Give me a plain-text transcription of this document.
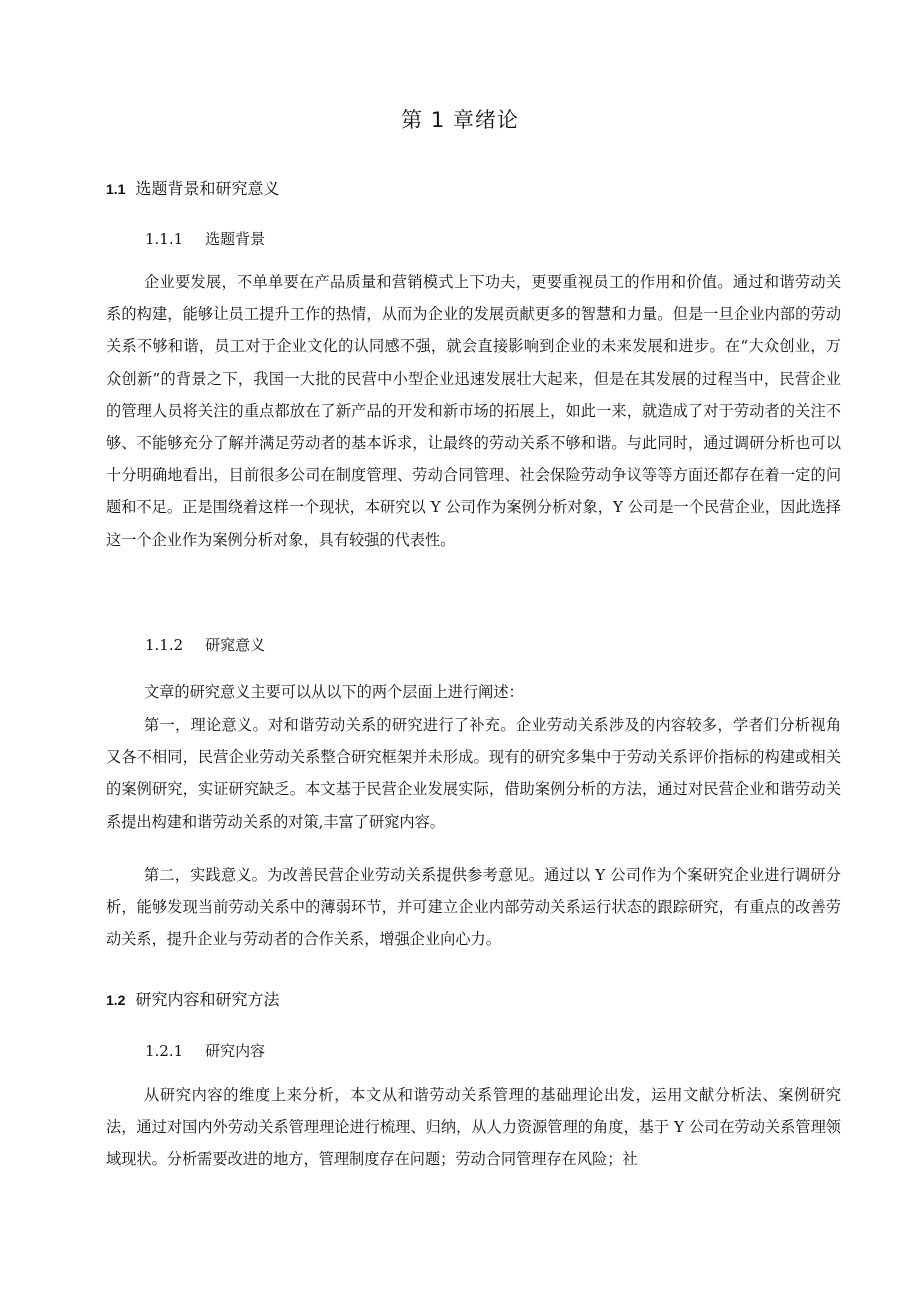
第 1 章绪论
1.1 选题背景和研究意义
1.1.1 选题背景

企业要发展，不单单要在产品质量和营销模式上下功夫，更要重视员工的作用和价值。通过和谐劳动关系的构建，能够让员工提升工作的热情，从而为企业的发展贡献更多的智慧和力量。但是一旦企业内部的劳动关系不够和谐，员工对于企业文化的认同感不强，就会直接影响到企业的未来发展和进步。在“大众创业，万众创新”的背景之下，我国一大批的民营中小型企业迅速发展壮大起来，但是在其发展的过程当中，民营企业的管理人员将关注的重点都放在了新产品的开发和新市场的拓展上，如此一来，就造成了对于劳动者的关注不够、不能够充分了解并满足劳动者的基本诉求，让最终的劳动关系不够和谐。与此同时，通过调研分析也可以十分明确地看出，目前很多公司在制度管理、劳动合同管理、社会保险劳动争议等等方面还都存在着一定的问题和不足。正是围绕着这样一个现状，本研究以 Y 公司作为案例分析对象，Y 公司是一个民营企业，因此选择这一个企业作为案例分析对象，具有较强的代表性。

1.1.2 研窕意义

文章的研究意义主要可以从以下的两个层面上进行阐述：

第一，理论意义。对和谐劳动关系的研究进行了补充。企业劳动关系涉及的内容较多，学者们分析视角又各不相同，民营企业劳动关系整合研究框架并未形成。现有的研究多集中于劳动关系评价指标的构建或相关的案例研究，实证研究缺乏。本文基于民营企业发展实际，借助案例分析的方法，通过对民营企业和谐劳动关系提出构建和谐劳动关系的对策,丰富了研窕内容。

第二，实践意义。为改善民营企业劳动关系提供参考意见。通过以 Y 公司作为个案研究企业进行调研分析，能够发现当前劳动关系中的薄弱环节，并可建立企业内部劳动关系运行状态的跟踪研究，有重点的改善劳动关系，提升企业与劳动者的合作关系，增强企业向心力。

1.2 研究内容和研究方法
1.2.1 研究内容

从研究内容的维度上来分析，本文从和谐劳动关系管理的基础理论出发，运用文献分析法、案例研究法，通过对国内外劳动关系管理理论进行梳理、归纳，从人力资源管理的角度，基于 Y 公司在劳动关系管理领域现状。分析需要改进的地方，管理制度存在问题；劳动合同管理存在风险；社
